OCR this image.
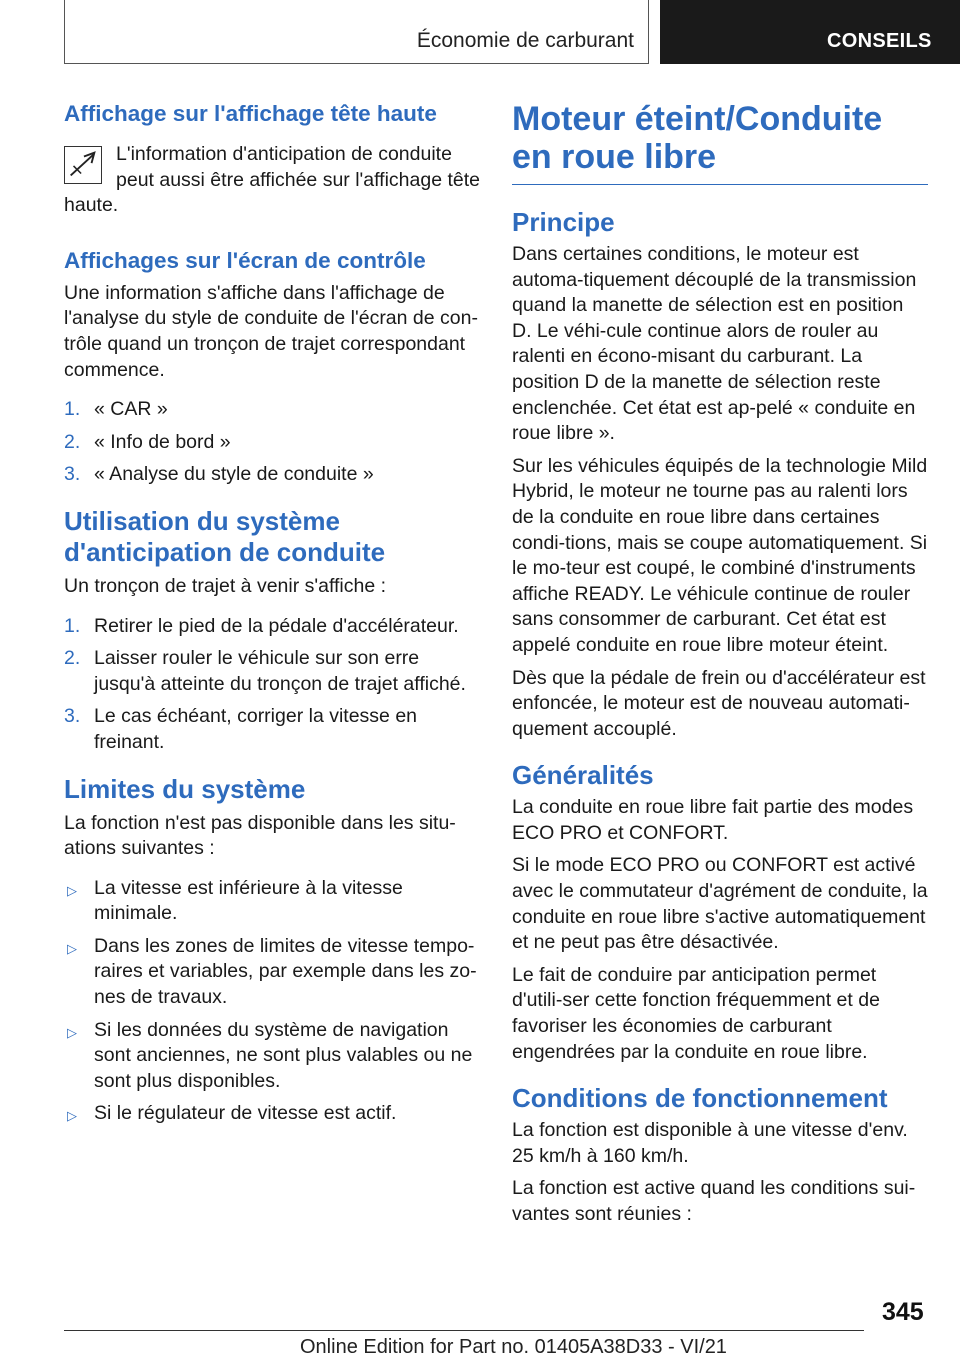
Économie de carburant	CONSEILS
Affichage sur l'affichage tête haute

L'information d'anticipation de conduite peut aussi être affichée sur l'affichage tête

haute.

Affichages sur l'écran de contrôle

Une information s'affiche dans l'affichage de l'analyse du style de conduite de l'écran de con‐trôle quand un tronçon de trajet correspondant commence.

1. « CAR »
2. « Info de bord »
3. « Analyse du style de conduite »
Utilisation du système d'anticipation de conduite

Un tronçon de trajet à venir s'affiche :

1. Retirer le pied de la pédale d'accélérateur.
2. Laisser rouler le véhicule sur son erre jusqu'à atteinte du tronçon de trajet affiché.
3. Le cas échéant, corriger la vitesse en freinant.
Limites du système

La fonction n'est pas disponible dans les situ‐ations suivantes :

▷ La vitesse est inférieure à la vitesse minimale.
▷ Dans les zones de limites de vitesse tempo‐raires et variables, par exemple dans les zo‐nes de travaux.
▷ Si les données du système de navigation sont anciennes, ne sont plus valables ou ne sont plus disponibles.
▷ Si le régulateur de vitesse est actif.
Moteur éteint/Conduite en roue libre
Principe

Dans certaines conditions, le moteur est automa‐tiquement découplé de la transmission quand la manette de sélection est en position D. Le véhi‐cule continue alors de rouler au ralenti en écono‐misant du carburant. La position D de la manette de sélection reste enclenchée. Cet état est ap‐pelé « conduite en roue libre ».

Sur les véhicules équipés de la technologie Mild Hybrid, le moteur ne tourne pas au ralenti lors de la conduite en roue libre dans certaines condi‐tions, mais se coupe automatiquement. Si le mo‐teur est coupé, le combiné d'instruments affiche READY. Le véhicule continue de rouler sans consommer de carburant. Cet état est appelé conduite en roue libre moteur éteint.

Dès que la pédale de frein ou d'accélérateur est enfoncée, le moteur est de nouveau automati‐quement accouplé.

Généralités

La conduite en roue libre fait partie des modes ECO PRO et CONFORT.

Si le mode ECO PRO ou CONFORT est activé avec le commutateur d'agrément de conduite, la conduite en roue libre s'active automatiquement et ne peut pas être désactivée.

Le fait de conduire par anticipation permet d'utili‐ser cette fonction fréquemment et de favoriser les économies de carburant engendrées par la conduite en roue libre.

Conditions de fonctionnement

La fonction est disponible à une vitesse d'env. 25 km/h à 160 km/h.

La fonction est active quand les conditions sui‐vantes sont réunies :

345
Online Edition for Part no. 01405A38D33 - VI/21
